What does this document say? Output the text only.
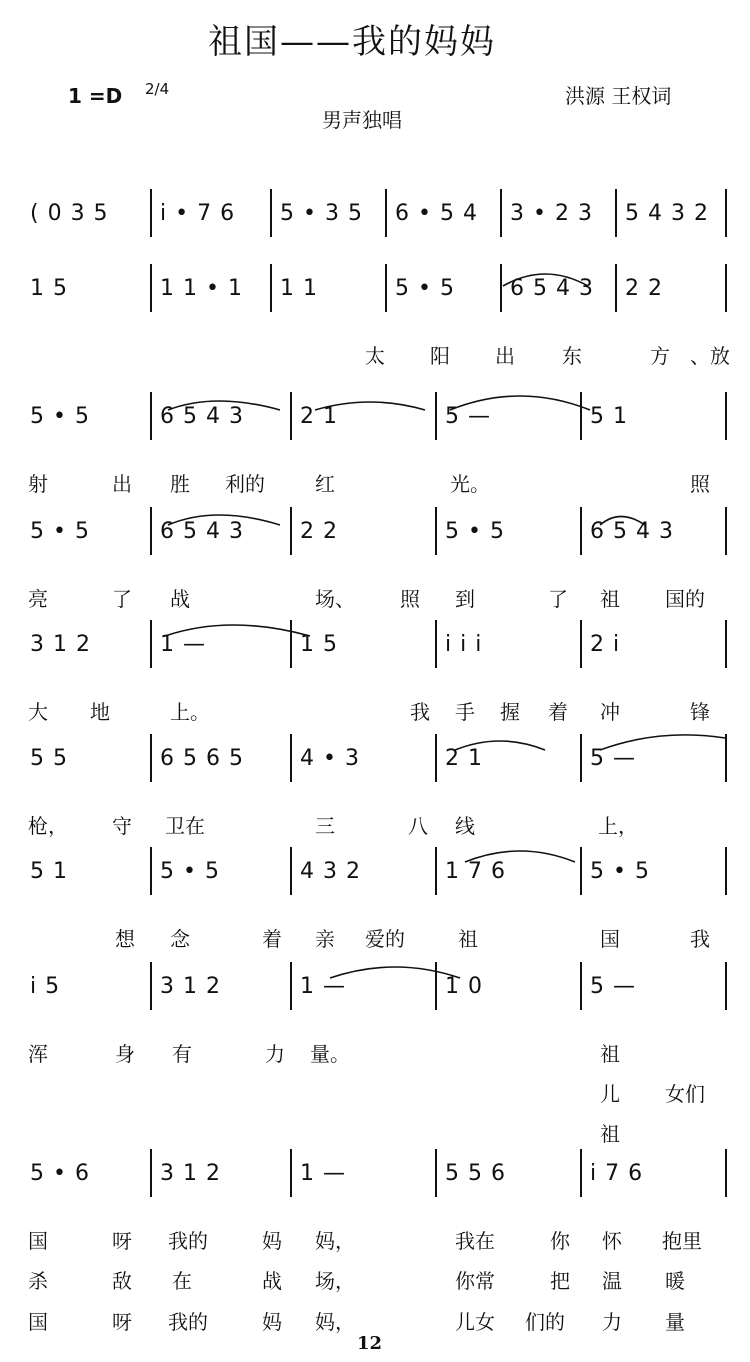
祖国——我的妈妈
1 =D 2/4	洪源 王权词
男声独唱
( 0 3 5 i • 7 6 5 • 3 5 6 • 5 4 3 • 2 3 5 4 3 2
1 5	1 1 • 1 1 1	5 • 5	6 5 4 3 2 2
太 阳 出 东	方 、放
5 • 5	6 5 4 3	2 1	5 —	5 1
射	出 胜 利的	红	光。	照
5 • 5	6 5 4 3	2 2	5 • 5	6 5 4 3
亮	了 战	场、 照 到	了 祖 国的
3 1 2	1 —	1 5	i i i	2 i
大 地	上。	我 手 握 着 冲	锋
5 5	6 5 6 5	4 • 3	2 1	5 —
枪， 守 卫在	三	八 线	上，
5 1	5 • 5	4 3 2	1 7 6	5 • 5
想 念	着 亲 爱的	祖	国	我
i 5	3 1 2	1 —	1 0	5 —
浑	身 有	力 量。	祖
儿 女们
祖
5 • 6	3 1 2	1 —	5 5 6	i 7 6
国	呀 我的	妈 妈，	我在	你 怀 抱里
杀	敌 在	战 场，	你常	把 温 暖
国	呀 我的	妈 妈，	儿女 们的 力 量
12
